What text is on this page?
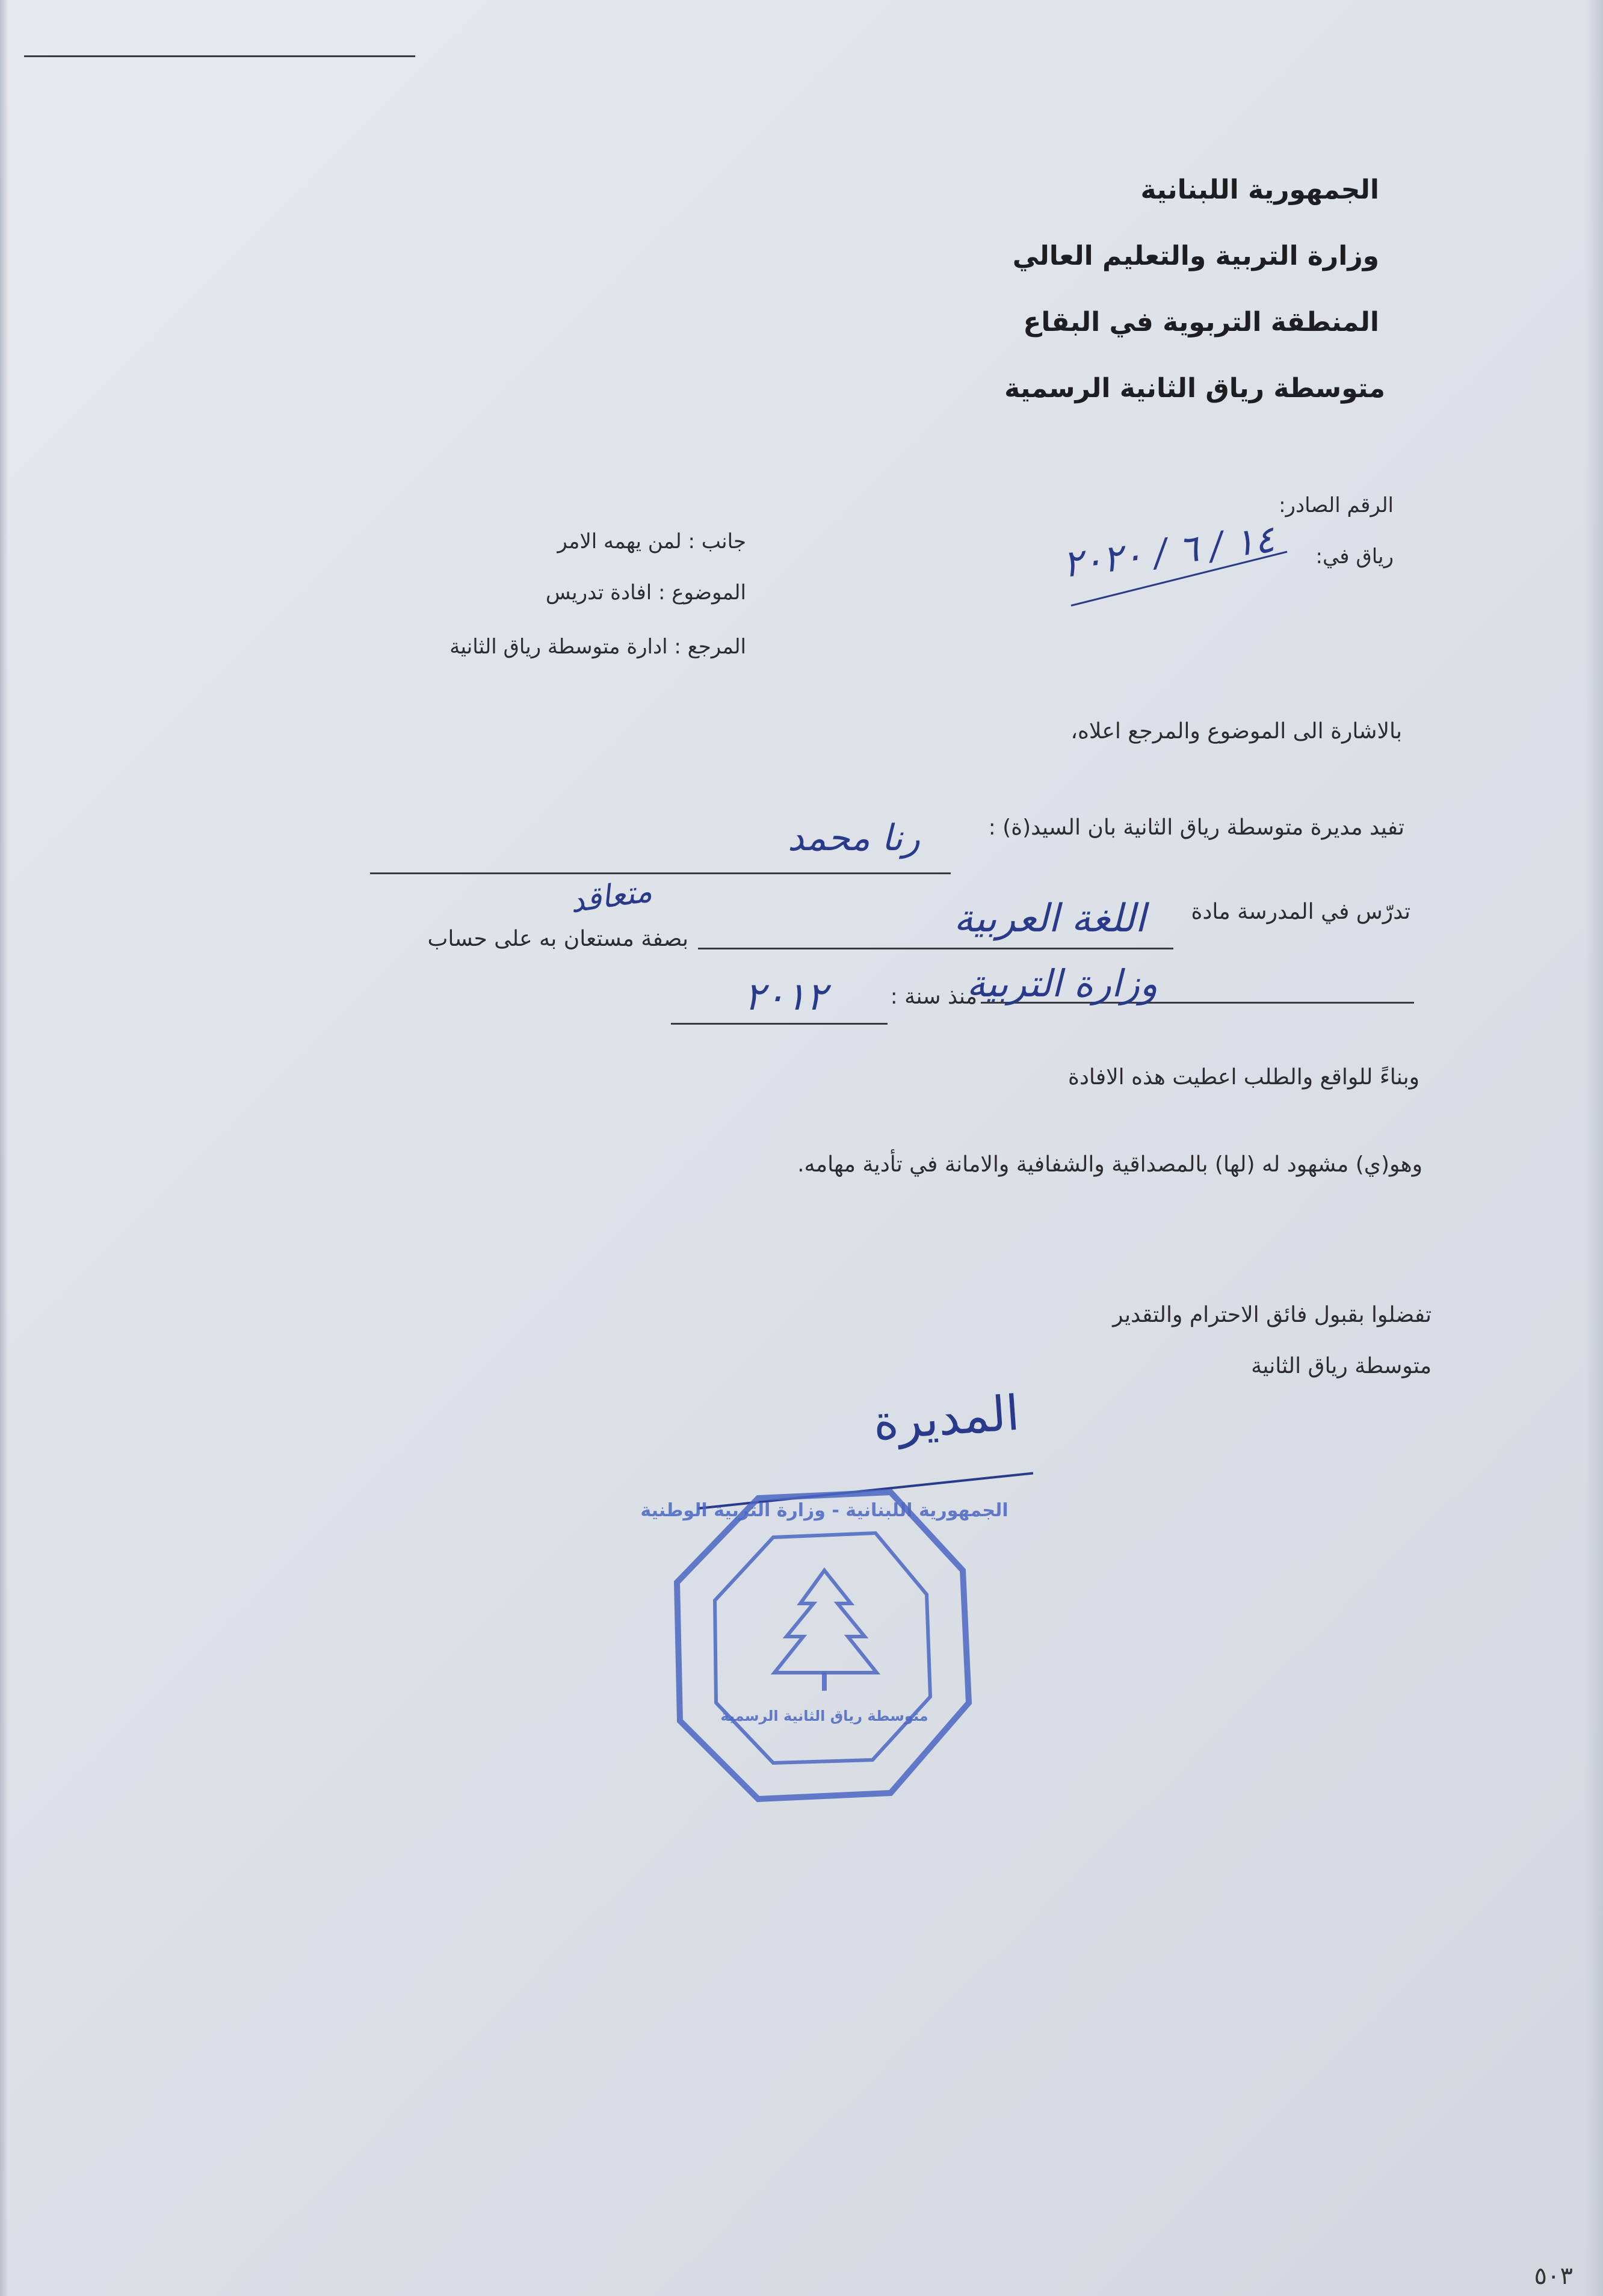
الجمهورية اللبنانية
وزارة التربية والتعليم العالي
المنطقة التربوية في البقاع
متوسطة رياق الثانية الرسمية
الرقم الصادر:
رياق في:
١٤ / ٦ / ٢٠٢٠
جانب : لمن يهمه الامر
الموضوع : افادة تدريس
المرجع : ادارة متوسطة رياق الثانية
بالاشارة الى الموضوع والمرجع اعلاه،
تفيد مديرة متوسطة رياق الثانية بان السيد(ة) :
رنا محمد
تدرّس في المدرسة مادة
اللغة العربية
بصفة مستعان به على حساب
متعاقد
وزارة التربية
منذ سنة :
٢٠١٢
وبناءً للواقع والطلب اعطيت هذه الافادة
وهو(ي) مشهود له (لها) بالمصداقية والشفافية والامانة في تأدية مهامه.
تفضلوا بقبول فائق الاحترام والتقدير
متوسطة رياق الثانية
المديرة
الجمهورية اللبنانية - وزارة التربية الوطنية
متوسطة رياق الثانية الرسمية
٥٠٣
